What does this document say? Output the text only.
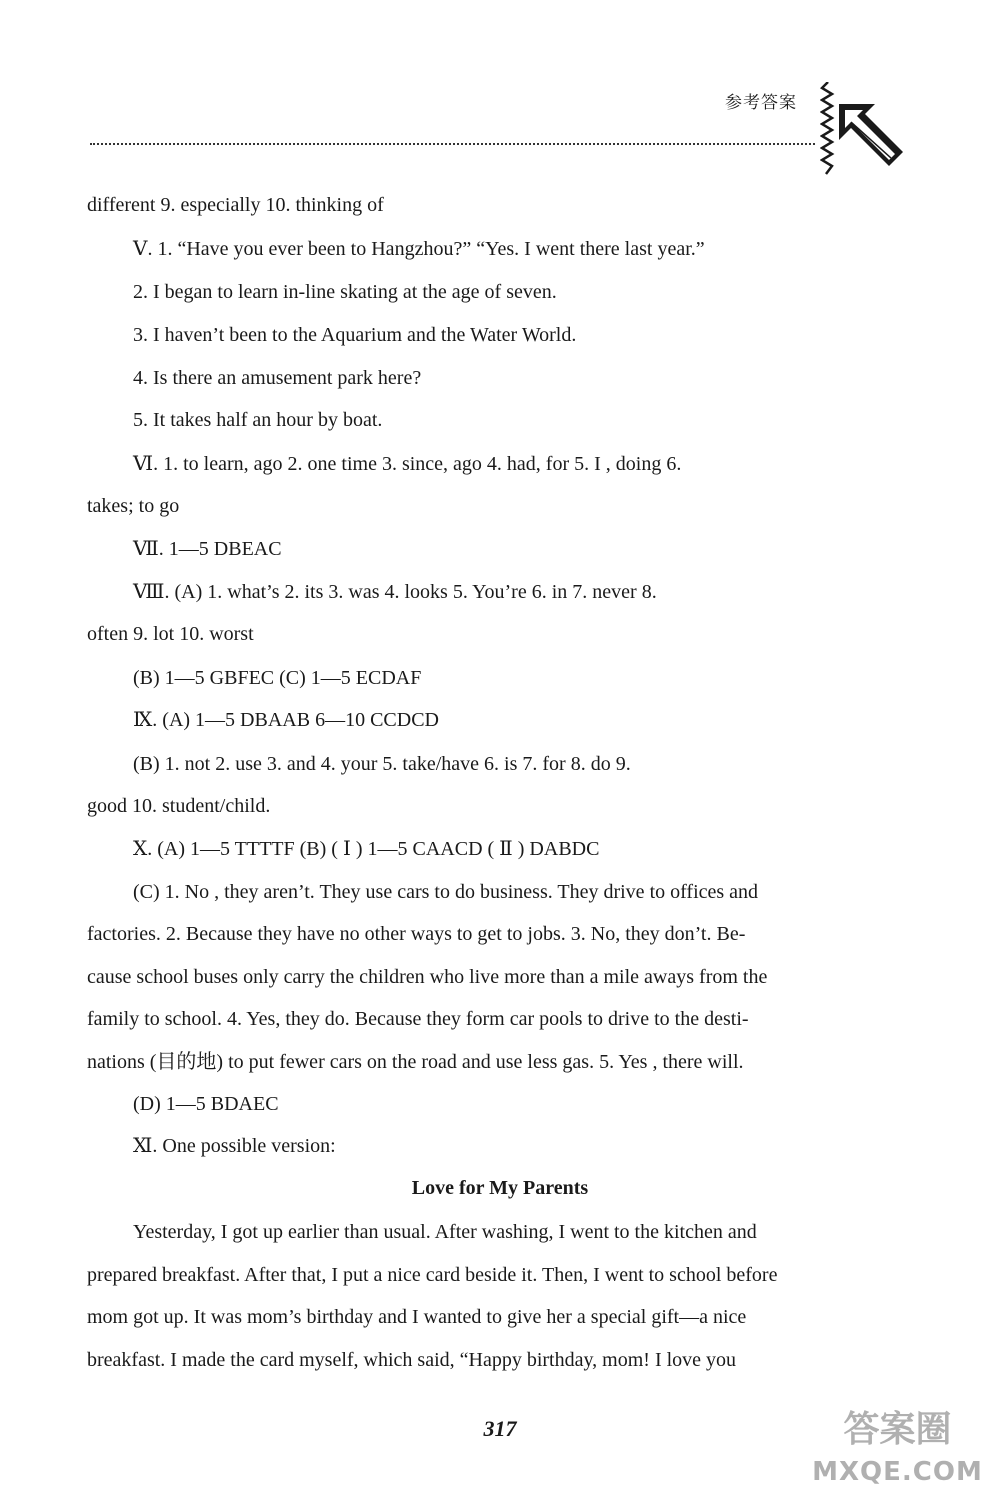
参考答案
different 9. especially 10. thinking of
Ⅴ. 1. “Have you ever been to Hangzhou?” “Yes. I went there last year.”
2. I began to learn in-line skating at the age of seven.
3. I haven’t been to the Aquarium and the Water World.
4. Is there an amusement park here?
5. It takes half an hour by boat.
Ⅵ. 1. to learn, ago 2. one time 3. since, ago 4. had, for 5. I , doing 6.
takes; to go
Ⅶ. 1—5 DBEAC
Ⅷ. (A) 1. what’s 2. its 3. was 4. looks 5. You’re 6. in 7. never 8.
often 9. lot 10. worst
(B) 1—5 GBFEC (C) 1—5 ECDAF
Ⅸ. (A) 1—5 DBAAB 6—10 CCDCD
(B) 1. not 2. use 3. and 4. your 5. take/have 6. is 7. for 8. do 9.
good 10. student/child.
Ⅹ. (A) 1—5 TTTTF (B) ( Ⅰ ) 1—5 CAACD ( Ⅱ ) DABDC
(C) 1. No , they aren’t. They use cars to do business. They drive to offices and
factories. 2. Because they have no other ways to get to jobs. 3. No, they don’t. Be-
cause school buses only carry the children who live more than a mile aways from the
family to school. 4. Yes, they do. Because they form car pools to drive to the desti-
nations (目的地) to put fewer cars on the road and use less gas. 5. Yes , there will.
(D) 1—5 BDAEC
Ⅺ. One possible version:
Love for My Parents
Yesterday, I got up earlier than usual. After washing, I went to the kitchen and
prepared breakfast. After that, I put a nice card beside it. Then, I went to school before
mom got up. It was mom’s birthday and I wanted to give her a special gift—a nice
breakfast. I made the card myself, which said, “Happy birthday, mom! I love you
317	答案圈
MXQE.COM
